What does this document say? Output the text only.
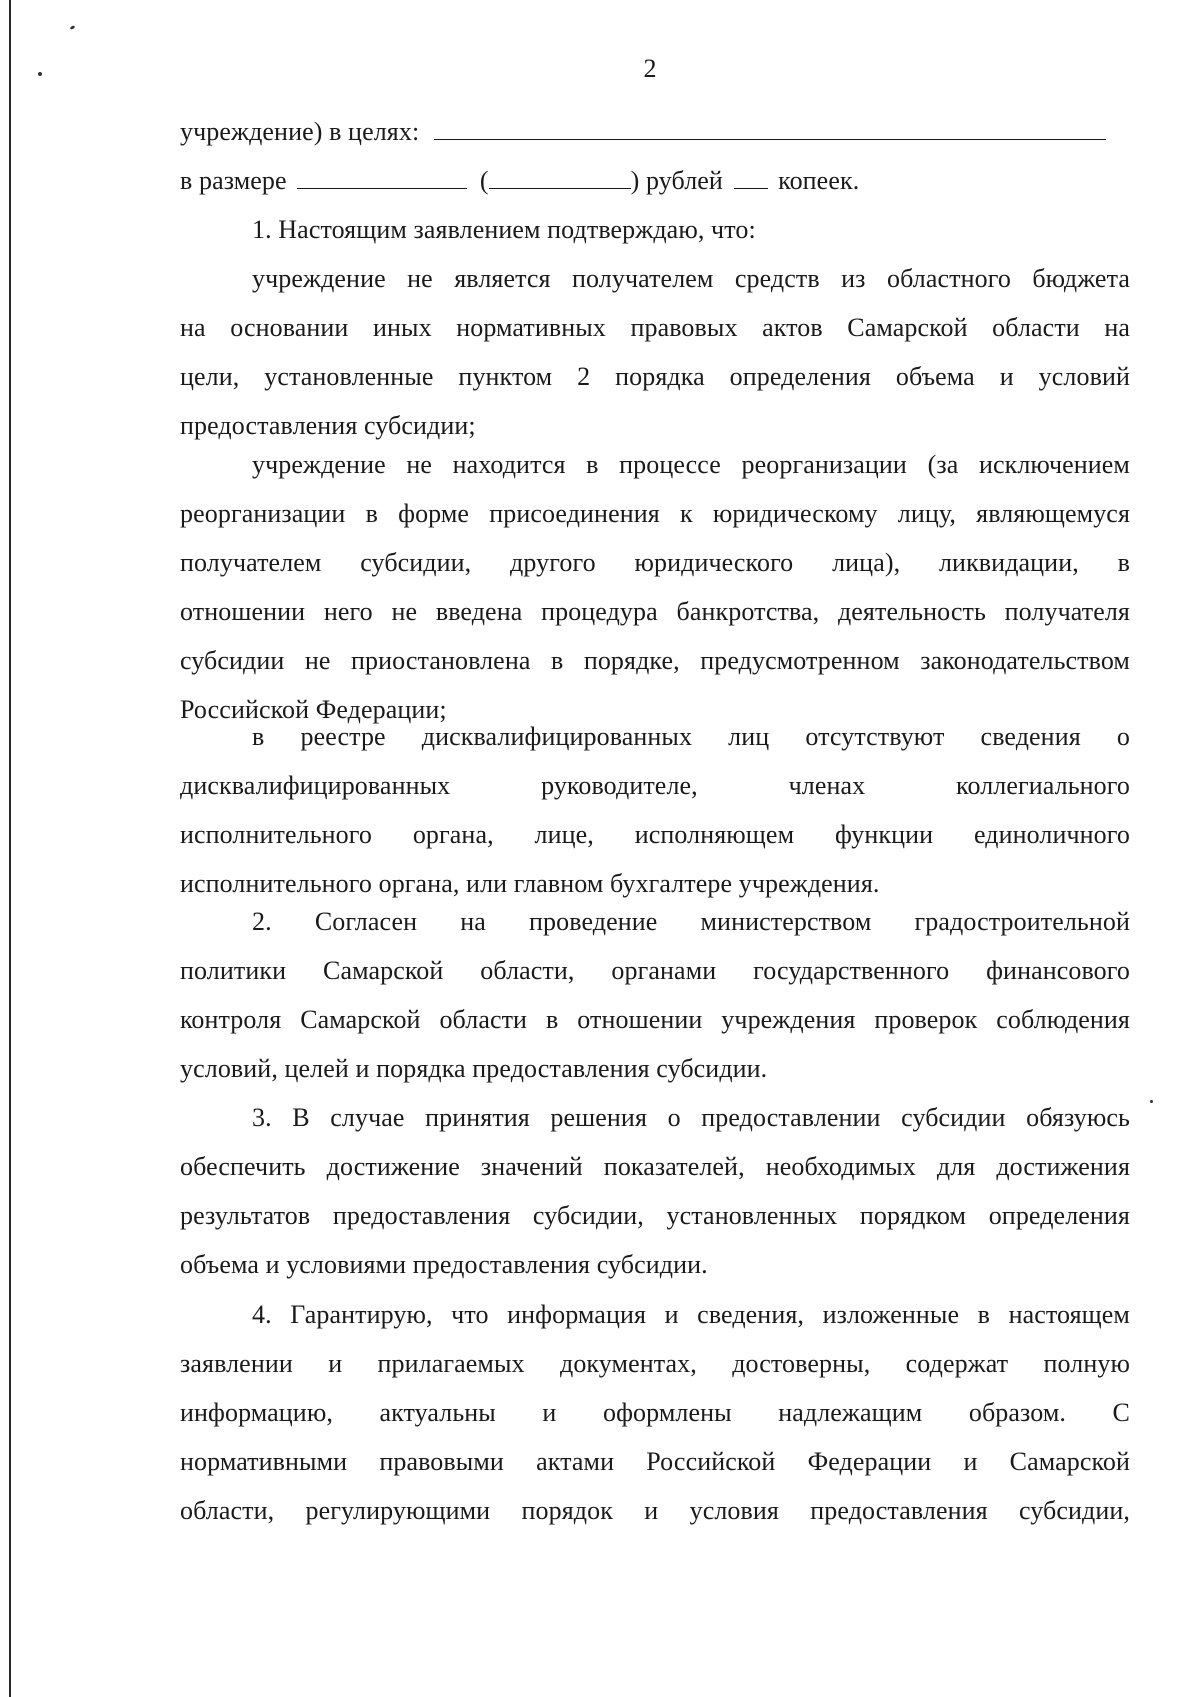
2
учреждение) в целях:
в размере	(	) рублей копеек.

1. Настоящим заявлением подтверждаю, что:

учреждение не является получателем средств из областного бюджета
на основании иных нормативных правовых актов Самарской области на
цели, установленные пунктом 2 порядка определения объема и условий
предоставления субсидии;
учреждение не находится в процессе реорганизации (за исключением
реорганизации в форме присоединения к юридическому лицу, являющемуся
получателем субсидии, другого юридического лица), ликвидации, в
отношении него не введена процедура банкротства, деятельность получателя
субсидии не приостановлена в порядке, предусмотренном законодательством
Российской Федерации;
в реестре дисквалифицированных лиц отсутствуют сведения о
дисквалифицированных руководителе, членах коллегиального
исполнительного органа, лице, исполняющем функции единоличного
исполнительного органа, или главном бухгалтере учреждения.
2. Согласен на проведение министерством градостроительной
политики Самарской области, органами государственного финансового
контроля Самарской области в отношении учреждения проверок соблюдения
условий, целей и порядка предоставления субсидии.
3. В случае принятия решения о предоставлении субсидии обязуюсь
обеспечить достижение значений показателей, необходимых для достижения
результатов предоставления субсидии, установленных порядком определения
объема и условиями предоставления субсидии.
4. Гарантирую, что информация и сведения, изложенные в настоящем
заявлении и прилагаемых документах, достоверны, содержат полную
информацию, актуальны и оформлены надлежащим образом. С
нормативными правовыми актами Российской Федерации и Самарской
области, регулирующими порядок и условия предоставления субсидии,
